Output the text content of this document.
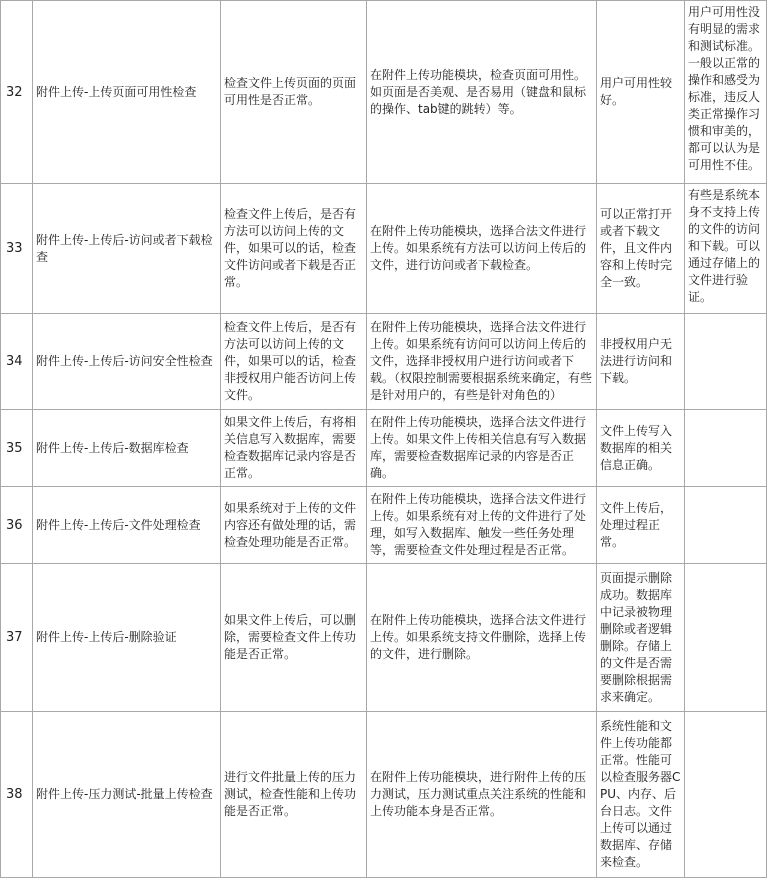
32	附件上传-上传页面可用性检查	检查文件上传页面的页面可用性是否正常。	在附件上传功能模块，检查页面可用性。如页面是否美观、是否易用（键盘和鼠标的操作、tab键的跳转）等。	用户可用性较好。	用户可用性没有明显的需求和测试标准。一般以正常的操作和感受为标准，违反人类正常操作习惯和审美的，都可以认为是可用性不佳。
33	附件上传-上传后-访问或者下载检查	检查文件上传后，是否有方法可以访问上传的文件，如果可以的话，检查文件访问或者下载是否正常。	在附件上传功能模块，选择合法文件进行上传。如果系统有方法可以访问上传后的文件，进行访问或者下载检查。	可以正常打开或者下载文件，且文件内容和上传时完全一致。	有些是系统本身不支持上传的文件的访问和下载。可以通过存储上的文件进行验证。
34	附件上传-上传后-访问安全性检查	检查文件上传后，是否有方法可以访问上传的文件，如果可以的话，检查非授权用户能否访问上传文件。	在附件上传功能模块，选择合法文件进行上传。如果系统有访问可以访问上传后的文件，选择非授权用户进行访问或者下载。（权限控制需要根据系统来确定，有些是针对用户的，有些是针对角色的）	非授权用户无法进行访问和下载。	
35	附件上传-上传后-数据库检查	如果文件上传后，有将相关信息写入数据库，需要检查数据库记录内容是否正常。	在附件上传功能模块，选择合法文件进行上传。如果文件上传相关信息有写入数据库，需要检查数据库记录的内容是否正确。	文件上传写入数据库的相关信息正确。	
36	附件上传-上传后-文件处理检查	如果系统对于上传的文件内容还有做处理的话，需检查处理功能是否正常。	在附件上传功能模块，选择合法文件进行上传。如果系统有对上传的文件进行了处理，如写入数据库、触发一些任务处理等，需要检查文件处理过程是否正常。	文件上传后，处理过程正常。	
37	附件上传-上传后-删除验证	如果文件上传后，可以删除，需要检查文件上传功能是否正常。	在附件上传功能模块，选择合法文件进行上传。如果系统支持文件删除，选择上传的文件，进行删除。	页面提示删除成功。数据库中记录被物理删除或者逻辑删除。存储上的文件是否需要删除根据需求来确定。	
38	附件上传-压力测试-批量上传检查	进行文件批量上传的压力测试，检查性能和上传功能是否正常。	在附件上传功能模块，进行附件上传的压力测试，压力测试重点关注系统的性能和上传功能本身是否正常。	系统性能和文件上传功能都正常。性能可以检查服务器CPU、内存、后台日志。文件上传可以通过数据库、存储来检查。	
